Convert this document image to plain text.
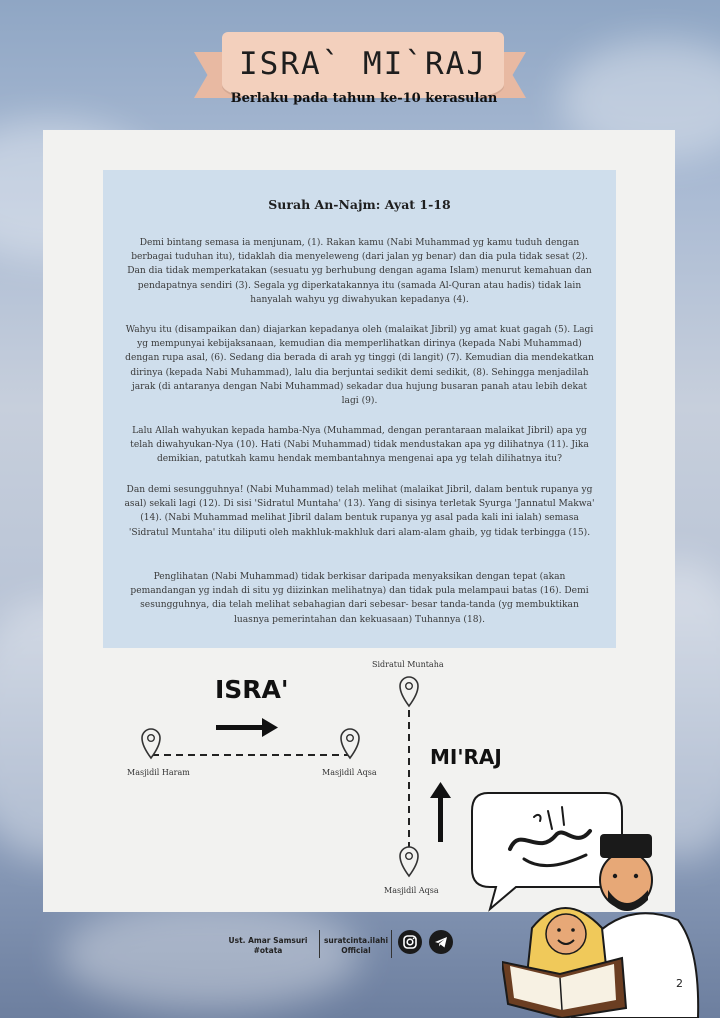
ISRA` MI`RAJ
Berlaku pada tahun ke-10 kerasulan
Surah An-Najm: Ayat 1-18

Demi bintang semasa ia menjunam, (1). Rakan kamu (Nabi Muhammad yg kamu tuduh dengan berbagai tuduhan itu), tidaklah dia menyeleweng (dari jalan yg benar) dan dia pula tidak sesat (2). Dan dia tidak memperkatakan (sesuatu yg berhubung dengan agama Islam) menurut kemahuan dan pendapatnya sendiri (3). Segala yg diperkatakannya itu (samada Al-Quran atau hadis) tidak lain hanyalah wahyu yg diwahyukan kepadanya (4).

Wahyu itu (disampaikan dan) diajarkan kepadanya oleh (malaikat Jibril) yg amat kuat gagah (5). Lagi yg mempunyai kebijaksanaan, kemudian dia memperlihatkan dirinya (kepada Nabi Muhammad) dengan rupa asal, (6). Sedang dia berada di arah yg tinggi (di langit) (7). Kemudian dia mendekatkan dirinya (kepada Nabi Muhammad), lalu dia berjuntai sedikit demi sedikit, (8). Sehingga menjadilah jarak (di antaranya dengan Nabi Muhammad) sekadar dua hujung busaran panah atau lebih dekat lagi (9).

Lalu Allah wahyukan kepada hamba-Nya (Muhammad, dengan perantaraan malaikat Jibril) apa yg telah diwahyukan-Nya (10). Hati (Nabi Muhammad) tidak mendustakan apa yg dilihatnya (11). Jika demikian, patutkah kamu hendak membantahnya mengenai apa yg telah dilihatnya itu?

Dan demi sesungguhnya! (Nabi Muhammad) telah melihat (malaikat Jibril, dalam bentuk rupanya yg asal) sekali lagi (12). Di sisi 'Sidratul Muntaha' (13). Yang di sisinya terletak Syurga 'Jannatul Makwa' (14). (Nabi Muhammad melihat Jibril dalam bentuk rupanya yg asal pada kali ini ialah) semasa 'Sidratul Muntaha' itu diliputi oleh makhluk-makhluk dari alam-alam ghaib, yg tidak terbingga (15).

Penglihatan (Nabi Muhammad) tidak berkisar daripada menyaksikan dengan tepat (akan pemandangan yg indah di situ yg diizinkan melihatnya) dan tidak pula melampaui batas (16). Demi sesungguhnya, dia telah melihat sebahagian dari sebesar- besar tanda-tanda (yg membuktikan luasnya pemerintahan dan kekuasaan) Tuhannya (18).

ISRA'
MI'RAJ
Masjidil Haram	Masjidil Aqsa
Sidratul Muntaha
Masjidil Aqsa
Ust. Amar Samsuri
#otata
suratcinta.ilahi
Official
2
